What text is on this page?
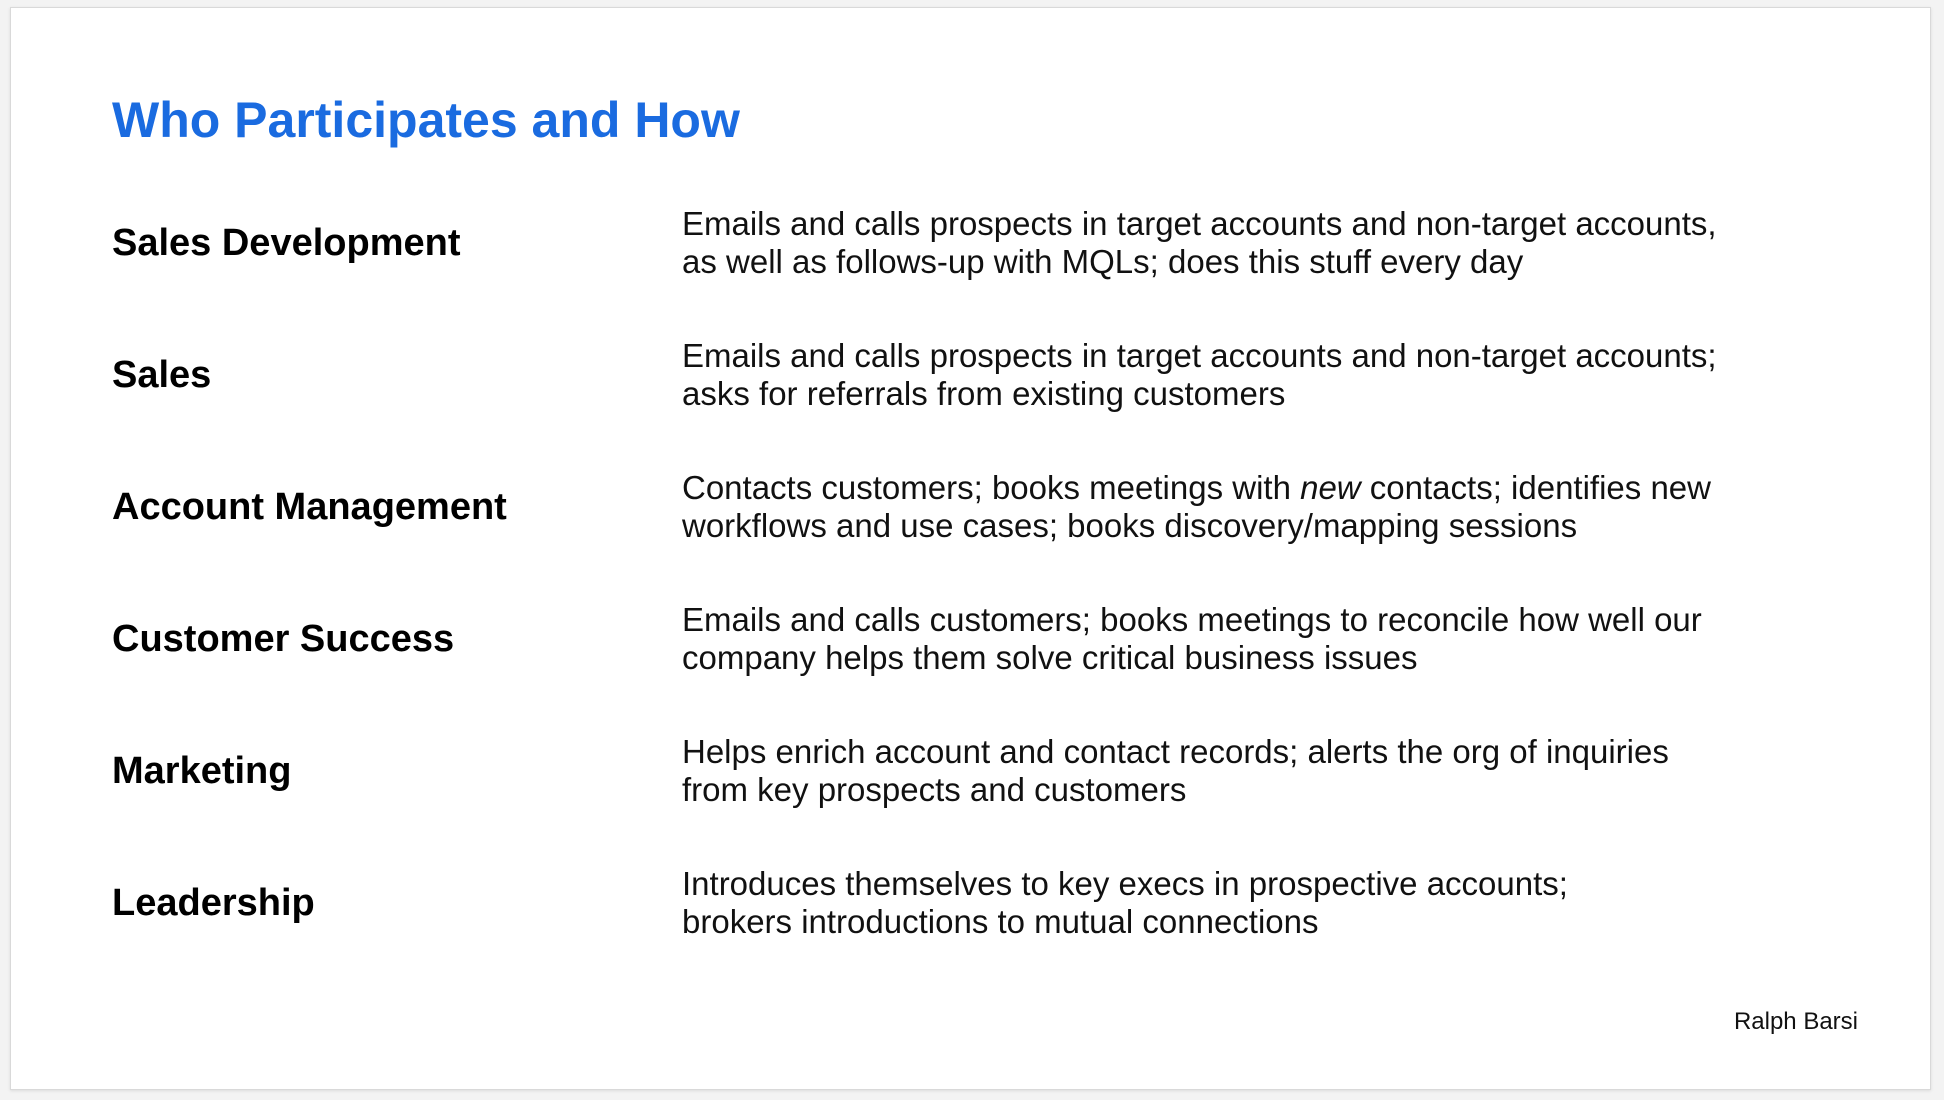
Who Participates and How
Sales Development	Emails and calls prospects in target accounts and non-target accounts,
as well as follows-up with MQLs; does this stuff every day
Sales	Emails and calls prospects in target accounts and non-target accounts;
asks for referrals from existing customers
Account Management	Contacts customers; books meetings with new contacts; identifies new
workflows and use cases; books discovery/mapping sessions
Customer Success	Emails and calls customers; books meetings to reconcile how well our
company helps them solve critical business issues
Marketing	Helps enrich account and contact records; alerts the org of inquiries
from key prospects and customers
Leadership	Introduces themselves to key execs in prospective accounts;
brokers introductions to mutual connections
Ralph Barsi
